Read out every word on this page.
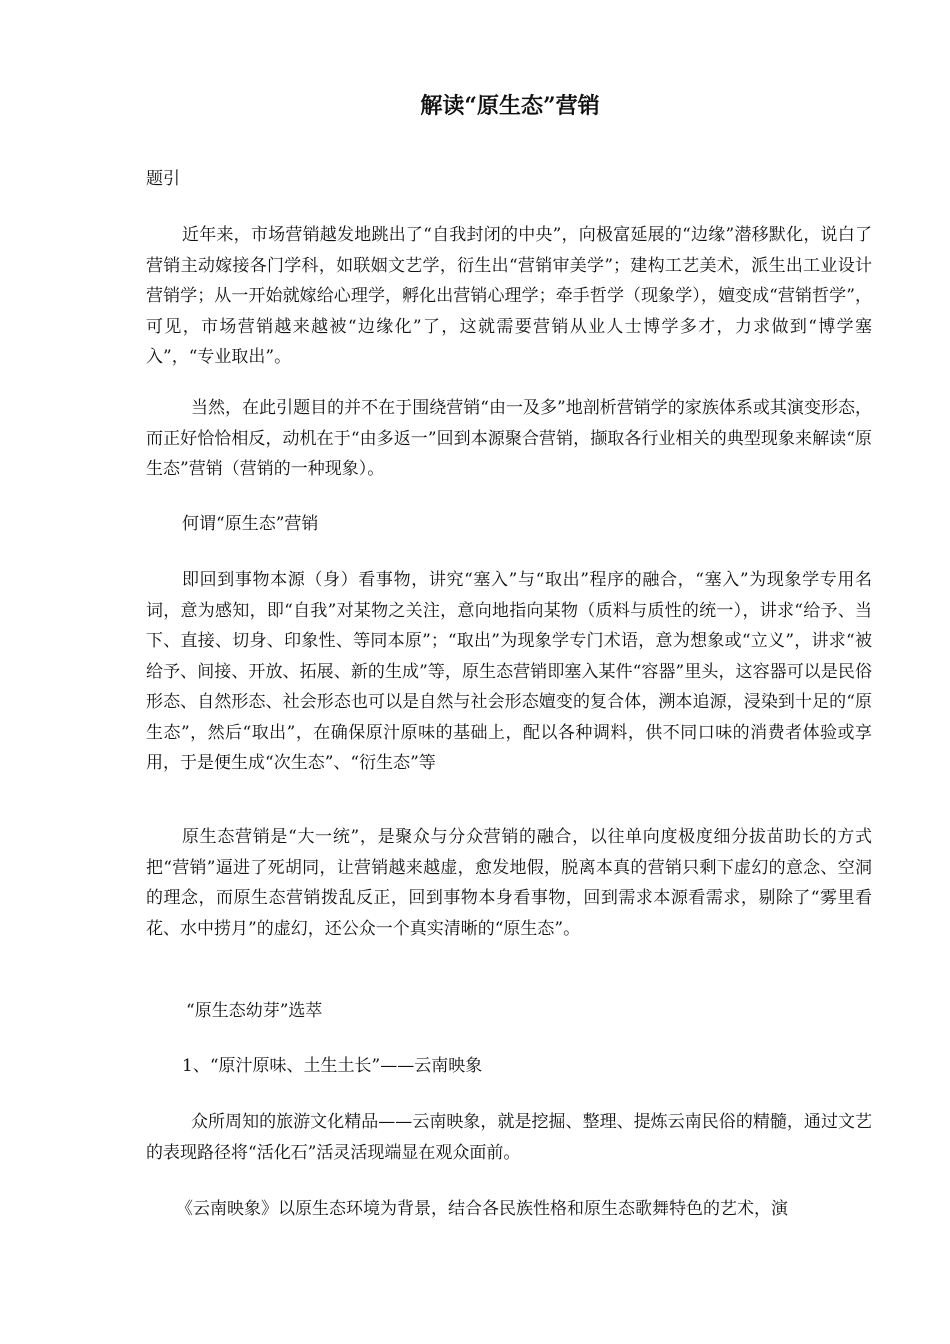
解读“原生态”营销

题引

近年来，市场营销越发地跳出了“自我封闭的中央”，向极富延展的“边缘”潜移默化，说白了营销主动嫁接各门学科，如联姻文艺学，衍生出“营销审美学”；建构工艺美术，派生出工业设计营销学；从一开始就嫁给心理学，孵化出营销心理学；牵手哲学（现象学），嬗变成“营销哲学”，可见，市场营销越来越被“边缘化”了，这就需要营销从业人士博学多才，力求做到“博学塞入”，“专业取出”。

当然，在此引题目的并不在于围绕营销“由一及多”地剖析营销学的家族体系或其演变形态，而正好恰恰相反，动机在于“由多返一”回到本源聚合营销，撷取各行业相关的典型现象来解读“原生态”营销（营销的一种现象）。

何谓“原生态”营销

即回到事物本源（身）看事物，讲究“塞入”与“取出”程序的融合，“塞入”为现象学专用名词，意为感知，即“自我”对某物之关注，意向地指向某物（质料与质性的统一），讲求“给予、当下、直接、切身、印象性、等同本原”；“取出”为现象学专门术语，意为想象或“立义”，讲求“被给予、间接、开放、拓展、新的生成”等，原生态营销即塞入某件“容器”里头，这容器可以是民俗形态、自然形态、社会形态也可以是自然与社会形态嬗变的复合体，溯本追源，浸染到十足的“原生态”，然后“取出”，在确保原汁原味的基础上，配以各种调料，供不同口味的消费者体验或享用，于是便生成“次生态”、“衍生态”等

原生态营销是“大一统”，是聚众与分众营销的融合，以往单向度极度细分拔苗助长的方式把“营销”逼进了死胡同，让营销越来越虚，愈发地假，脱离本真的营销只剩下虚幻的意念、空洞的理念，而原生态营销拨乱反正，回到事物本身看事物，回到需求本源看需求，剔除了“雾里看花、水中捞月”的虚幻，还公众一个真实清晰的“原生态”。

“原生态幼芽”选萃

1、“原汁原味、土生土长”——云南映象

众所周知的旅游文化精品——云南映象，就是挖掘、整理、提炼云南民俗的精髓，通过文艺的表现路径将“活化石”活灵活现端显在观众面前。

《云南映象》以原生态环境为背景，结合各民族性格和原生态歌舞特色的艺术，演
